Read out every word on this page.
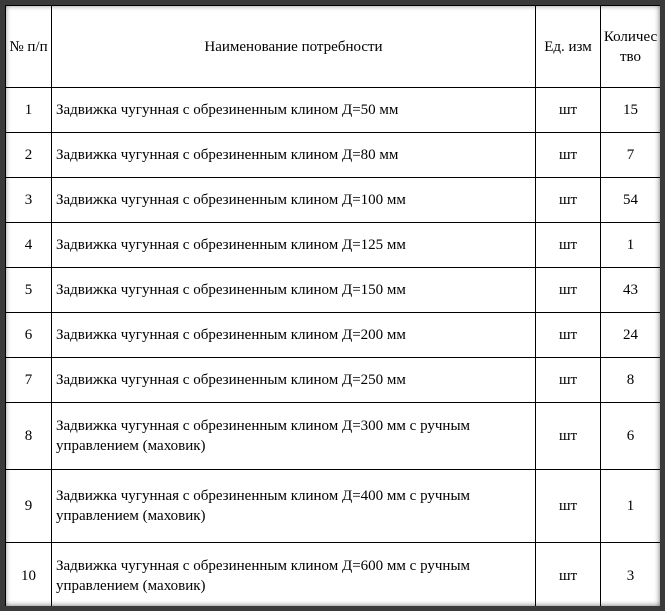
№ п/п	Наименование потребности	Ед. изм	Количество
1	Задвижка чугунная с обрезиненным клином Д=50 мм	шт	15
2	Задвижка чугунная с обрезиненным клином Д=80 мм	шт	7
3	Задвижка чугунная с обрезиненным клином Д=100 мм	шт	54
4	Задвижка чугунная с обрезиненным клином Д=125 мм	шт	1
5	Задвижка чугунная с обрезиненным клином Д=150 мм	шт	43
6	Задвижка чугунная с обрезиненным клином Д=200 мм	шт	24
7	Задвижка чугунная с обрезиненным клином Д=250 мм	шт	8
8	Задвижка чугунная с обрезиненным клином Д=300 мм с ручным управлением (маховик)	шт	6
9	Задвижка чугунная с обрезиненным клином Д=400 мм с ручным управлением (маховик)	шт	1
10	Задвижка чугунная с обрезиненным клином Д=600 мм с ручным управлением (маховик)	шт	3
